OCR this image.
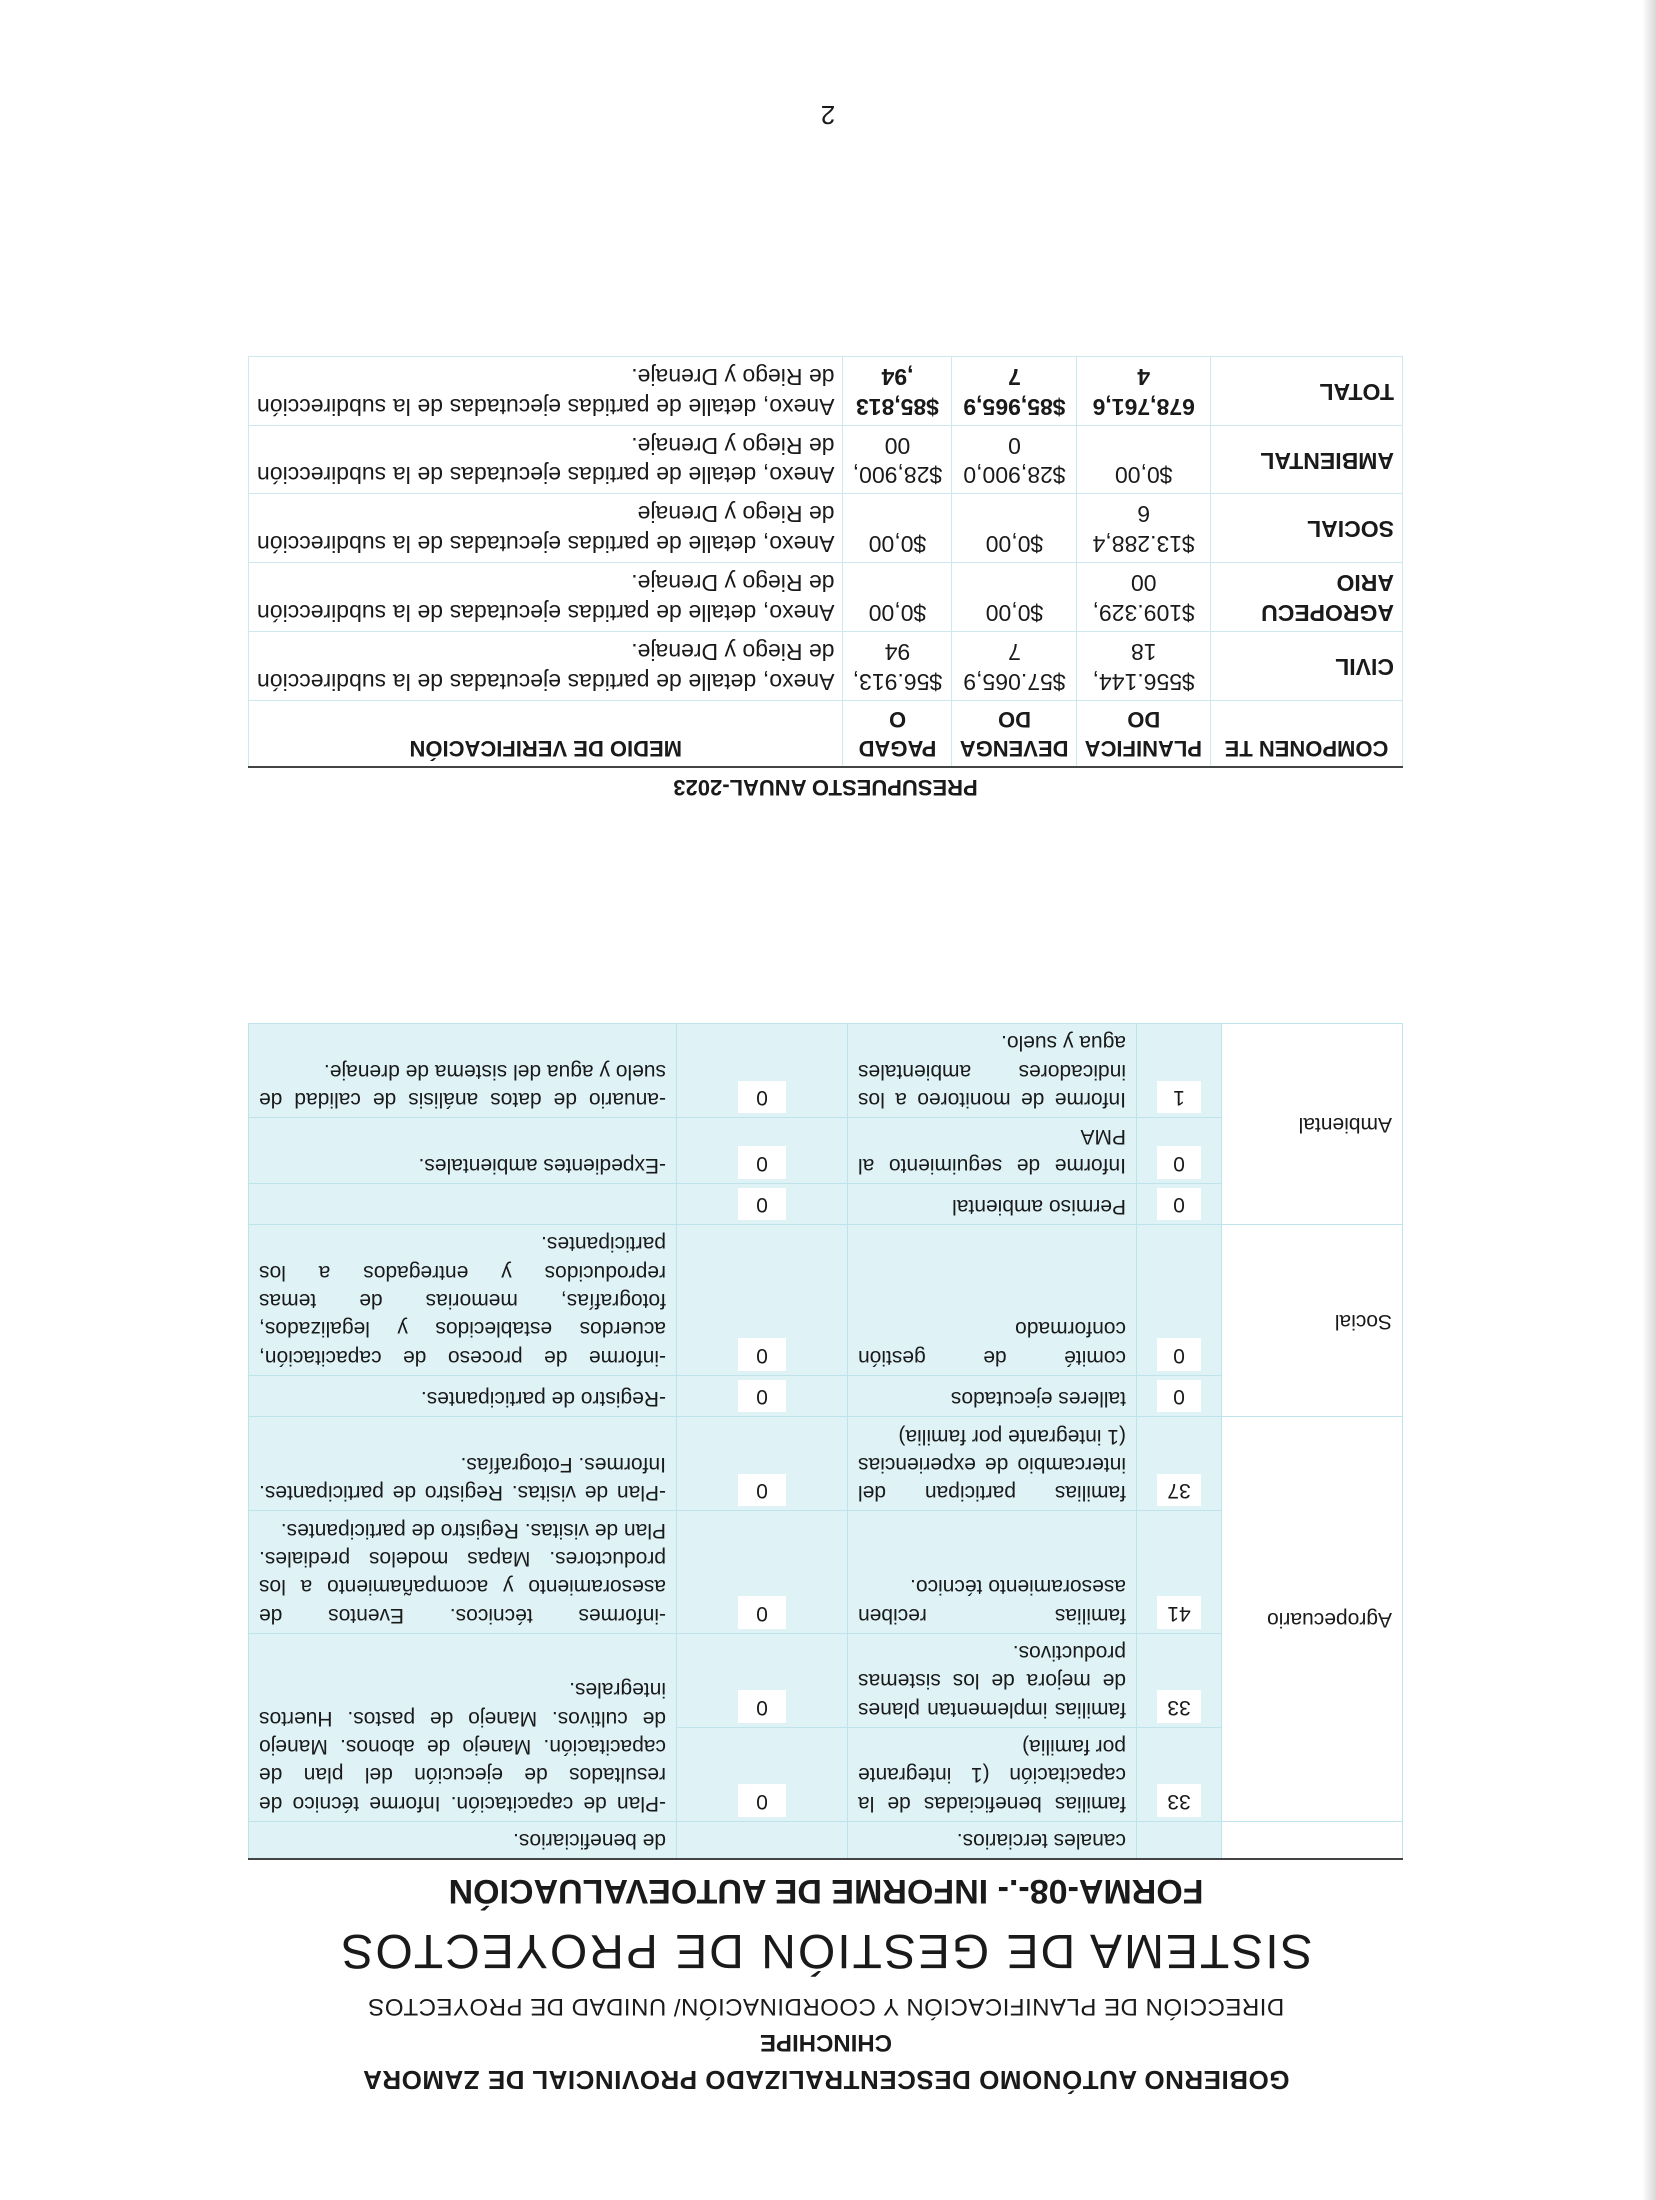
GOBIERNO AUTÓNOMO DESCENTRALIZADO PROVINCIAL DE ZAMORA
CHINCHIPE
DIRECCIÓN DE PLANIFICACIÓN Y COORDINACIÓN/ UNIDAD DE PROYECTOS
SISTEMA DE GESTIÓN DE PROYECTOS
FORMA-08-.- INFORME DE AUTOEVALUACIÓN
		canales terciarios.		de beneficiarios.
Agropecuario	33	familias beneficiadas de la capacitación (1 integrante por familia)	0	-Plan de capacitación. Informe técnico de resultados de ejecución del plan de capacitación. Manejo de abonos. Manejo de cultivos. Manejo de pastos. Huertos integrales.
	33	familias implementan planes de mejora de los sistemas productivos.	0	
	41	familias reciben asesoramiento técnico.	0	-informes técnicos. Eventos de asesoramiento y acompañamiento a los productores. Mapas modelos prediales. Plan de visitas. Registro de participantes.
	37	familias participan del intercambio de experiencias (1 integrante por familia)	0	-Plan de visitas. Registro de participantes. Informes. Fotografías.
Social	0	talleres ejecutados	0	-Registro de participantes.
	0	comité de gestión conformado	0	-informe de proceso de capacitación, acuerdos establecidos y legalizados, fotografías, memorias de temas reproducidos y entregados a los participantes.
Ambiental	0	Permiso ambiental	0	
	0	Informe de seguimiento al PMA	0	-Expedientes ambientales.
	1	Informe de monitoreo a los indicadores ambientales agua y suelo.	0	-anuario de datos análisis de calidad de suelo y agua del sistema de drenaje.
PRESUPUESTO ANUAL-2023
COMPONEN TE	PLANIFICA DO	DEVENGA DO	PAGAD O	MEDIO DE VERIFICACIÓN
CIVIL	$556.144, 18	$57.065,9 7	$56.913, 94	Anexo, detalle de partidas ejecutadas de la subdirección de Riego y Drenaje.
AGROPECU ARIO	$109.329, 00	$0,00	$0,00	Anexo, detalle de partidas ejecutadas de la subdirección de Riego y Drenaje.
SOCIAL	$13.288,4 6	$0,00	$0,00	Anexo, detalle de partidas ejecutadas de la subdirección de Riego y Drenaje
AMBIENTAL	$0,00	$28,900,0 0	$28,900, 00	Anexo, detalle de partidas ejecutadas de la subdirección de Riego y Drenaje.
TOTAL	678,761,6 4	$85,965,9 7	$85,813 ,94	Anexo, detalle de partidas ejecutadas de la subdirección de Riego y Drenaje.
2
